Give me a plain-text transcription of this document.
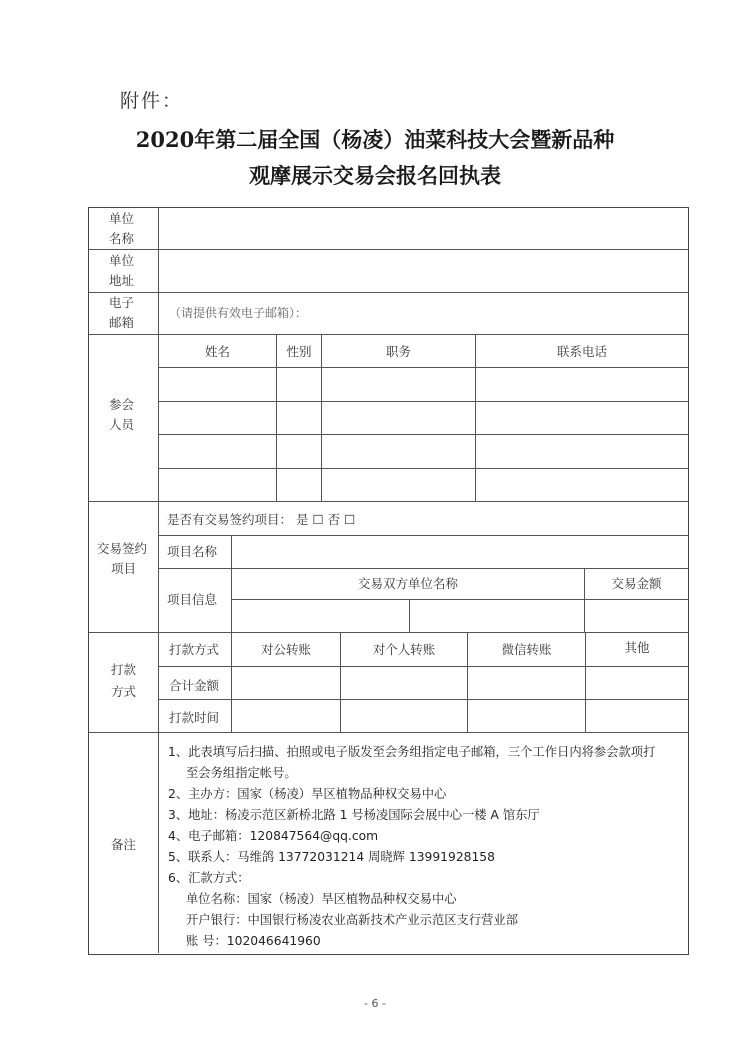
附件：
2020年第二届全国（杨凌）油菜科技大会暨新品种
观摩展示交易会报名回执表
单位
名称
单位
地址
电子
邮箱
（请提供有效电子邮箱）：
参会
人员
姓名	性别	职务	联系电话
交易签约
项目
是否有交易签约项目： 是 ☐ 否 ☐
项目名称
项目信息
交易双方单位名称	交易金额
打款
方式
打款方式	对公转账	对个人转账	微信转账	其他
合计金额
打款时间
备注
1、此表填写后扫描、拍照或电子版发至会务组指定电子邮箱，三个工作日内将参会款项打
至会务组指定帐号。
2、主办方：国家（杨凌）旱区植物品种权交易中心
3、地址：杨凌示范区新桥北路 1 号杨凌国际会展中心一楼 A 馆东厅
4、电子邮箱：120847564@qq.com
5、联系人：马维鸽 13772031214 周晓辉 13991928158
6、汇款方式：
单位名称：国家（杨凌）旱区植物品种权交易中心
开户银行：中国银行杨凌农业高新技术产业示范区支行营业部
账 号：102046641960
- 6 -
